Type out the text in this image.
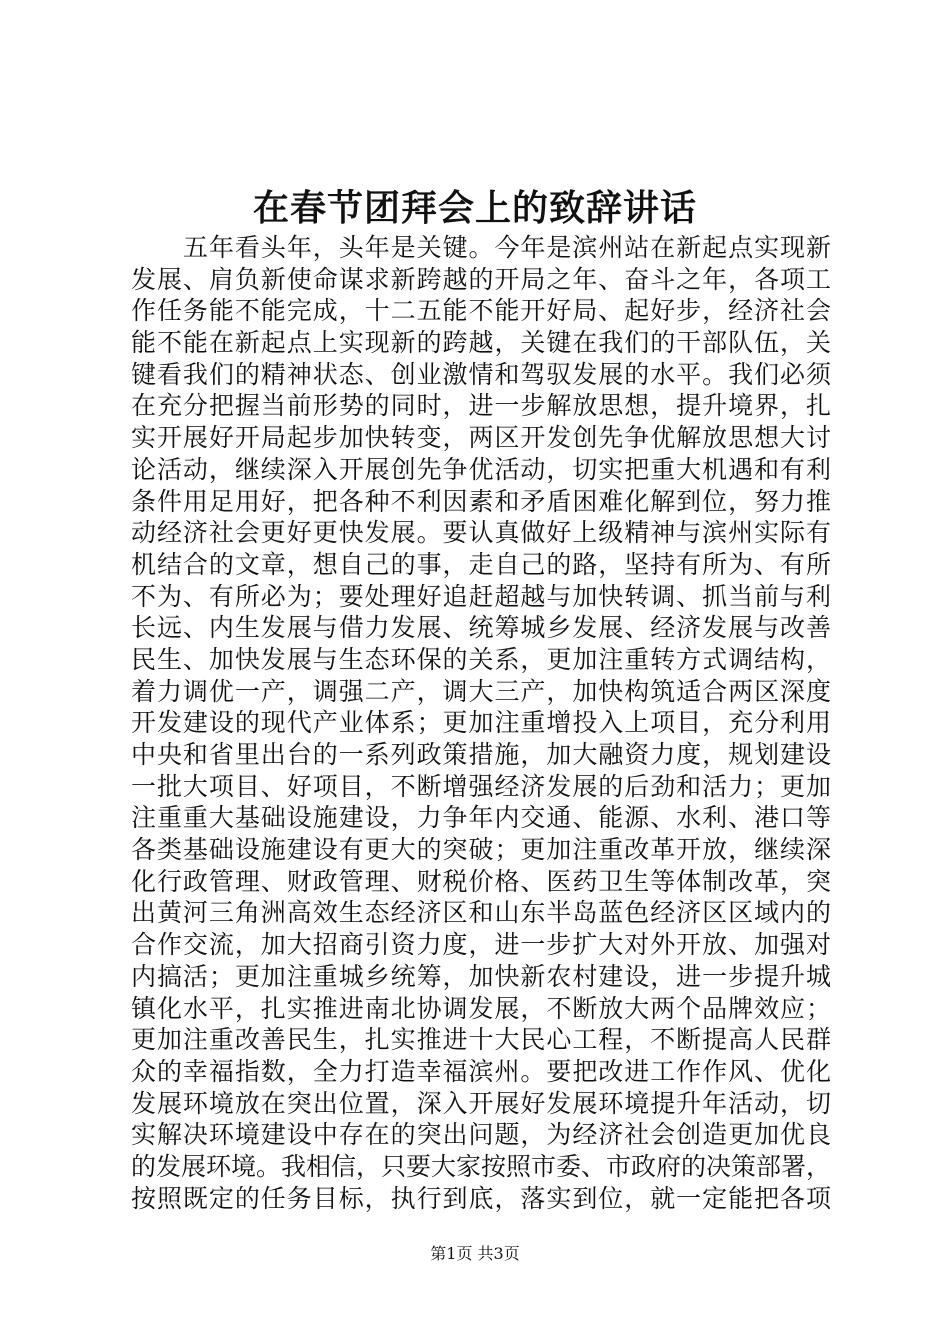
在春节团拜会上的致辞讲话
五年看头年，头年是关键。今年是滨州站在新起点实现新
发展、肩负新使命谋求新跨越的开局之年、奋斗之年，各项工
作任务能不能完成，十二五能不能开好局、起好步，经济社会
能不能在新起点上实现新的跨越，关键在我们的干部队伍，关
键看我们的精神状态、创业激情和驾驭发展的水平。我们必须
在充分把握当前形势的同时，进一步解放思想，提升境界，扎
实开展好开局起步加快转变，两区开发创先争优解放思想大讨
论活动，继续深入开展创先争优活动，切实把重大机遇和有利
条件用足用好，把各种不利因素和矛盾困难化解到位，努力推
动经济社会更好更快发展。要认真做好上级精神与滨州实际有
机结合的文章，想自己的事，走自己的路，坚持有所为、有所
不为、有所必为；要处理好追赶超越与加快转调、抓当前与利
长远、内生发展与借力发展、统筹城乡发展、经济发展与改善
民生、加快发展与生态环保的关系，更加注重转方式调结构，
着力调优一产，调强二产，调大三产，加快构筑适合两区深度
开发建设的现代产业体系；更加注重增投入上项目，充分利用
中央和省里出台的一系列政策措施，加大融资力度，规划建设
一批大项目、好项目，不断增强经济发展的后劲和活力；更加
注重重大基础设施建设，力争年内交通、能源、水利、港口等
各类基础设施建设有更大的突破；更加注重改革开放，继续深
化行政管理、财政管理、财税价格、医药卫生等体制改革，突
出黄河三角洲高效生态经济区和山东半岛蓝色经济区区域内的
合作交流，加大招商引资力度，进一步扩大对外开放、加强对
内搞活；更加注重城乡统筹，加快新农村建设，进一步提升城
镇化水平，扎实推进南北协调发展，不断放大两个品牌效应；
更加注重改善民生，扎实推进十大民心工程，不断提高人民群
众的幸福指数，全力打造幸福滨州。要把改进工作作风、优化
发展环境放在突出位置，深入开展好发展环境提升年活动，切
实解决环境建设中存在的突出问题，为经济社会创造更加优良
的发展环境。我相信，只要大家按照市委、市政府的决策部署，
按照既定的任务目标，执行到底，落实到位，就一定能把各项
第1页 共3页
